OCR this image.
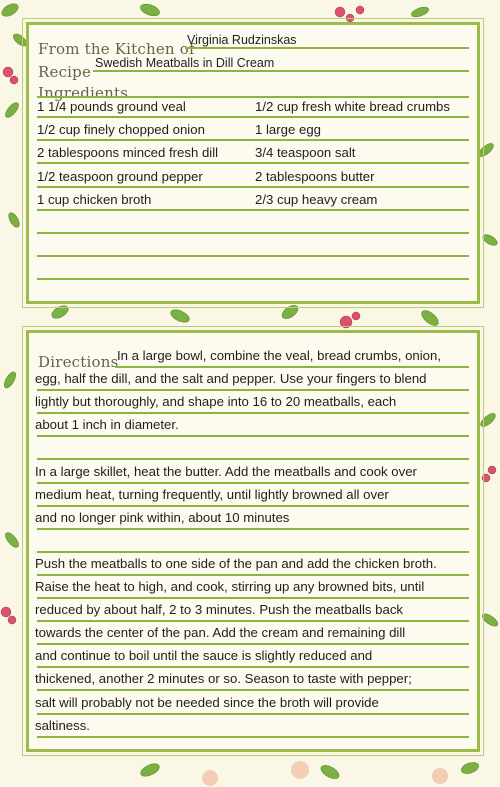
From the Kitchen of
Virginia Rudzinskas
Recipe Swedish Meatballs in Dill Cream
Ingredients
1 1/4 pounds ground veal	1/2 cup fresh white bread crumbs
1/2 cup finely chopped onion	1 large egg
2 tablespoons minced fresh dill	3/4 teaspoon salt
1/2 teaspoon ground pepper	2 tablespoons butter
1 cup chicken broth	2/3 cup heavy cream
Directions
In a large bowl, combine the veal, bread crumbs, onion,
egg, half the dill, and the salt and pepper. Use your fingers to blend
lightly but thoroughly, and shape into 16 to 20 meatballs, each
about 1 inch in diameter.
In a large skillet, heat the butter. Add the meatballs and cook over
medium heat, turning frequently, until lightly browned all over
and no longer pink within, about 10 minutes
Push the meatballs to one side of the pan and add the chicken broth.
Raise the heat to high, and cook, stirring up any browned bits, until
reduced by about half, 2 to 3 minutes. Push the meatballs back
towards the center of the pan. Add the cream and remaining dill
and continue to boil until the sauce is slightly reduced and
thickened, another 2 minutes or so. Season to taste with pepper;
salt will probably not be needed since the broth will provide
saltiness.
